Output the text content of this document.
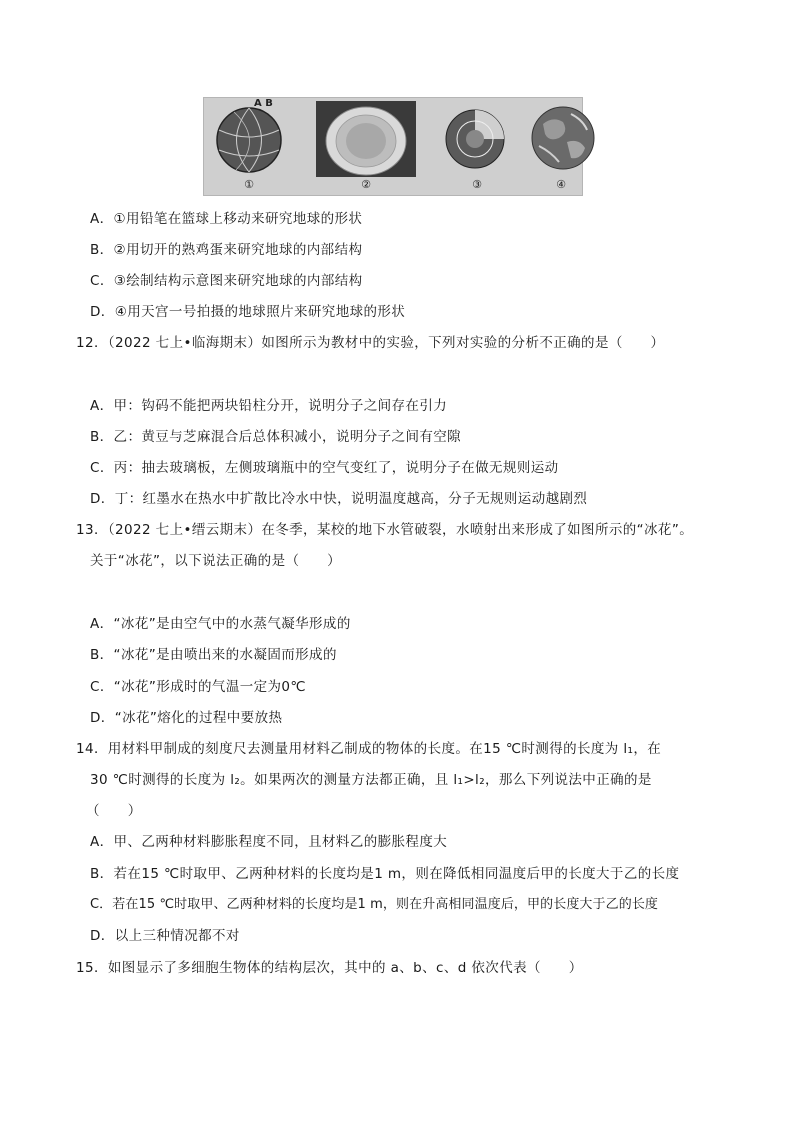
A B
①	②	③	④
A．①用铅笔在篮球上移动来研究地球的形状
B．②用切开的熟鸡蛋来研究地球的内部结构
C．③绘制结构示意图来研究地球的内部结构
D．④用天宫一号拍摄的地球照片来研究地球的形状
12．（2022 七上•临海期末）如图所示为教材中的实验，下列对实验的分析不正确的是（　　）
A．甲：钩码不能把两块铅柱分开，说明分子之间存在引力
B．乙：黄豆与芝麻混合后总体积减小，说明分子之间有空隙
C．丙：抽去玻璃板，左侧玻璃瓶中的空气变红了，说明分子在做无规则运动
D．丁：红墨水在热水中扩散比冷水中快，说明温度越高，分子无规则运动越剧烈
13．（2022 七上•缙云期末）在冬季，某校的地下水管破裂，水喷射出来形成了如图所示的“冰花”。
关于“冰花”，以下说法正确的是（　　）
A．“冰花”是由空气中的水蒸气凝华形成的
B．“冰花”是由喷出来的水凝固而形成的
C．“冰花”形成时的气温一定为0℃
D．“冰花”熔化的过程中要放热
14．用材料甲制成的刻度尺去测量用材料乙制成的物体的长度。在15 ℃时测得的长度为 l₁，在
30 ℃时测得的长度为 l₂。如果两次的测量方法都正确，且 l₁>l₂，那么下列说法中正确的是
（　　）
A．甲、乙两种材料膨胀程度不同，且材料乙的膨胀程度大
B．若在15 ℃时取甲、乙两种材料的长度均是1 m，则在降低相同温度后甲的长度大于乙的长度
C．若在15 ℃时取甲、乙两种材料的长度均是1 m，则在升高相同温度后，甲的长度大于乙的长度
D．以上三种情况都不对
15．如图显示了多细胞生物体的结构层次，其中的 a、b、c、d 依次代表（　　）
